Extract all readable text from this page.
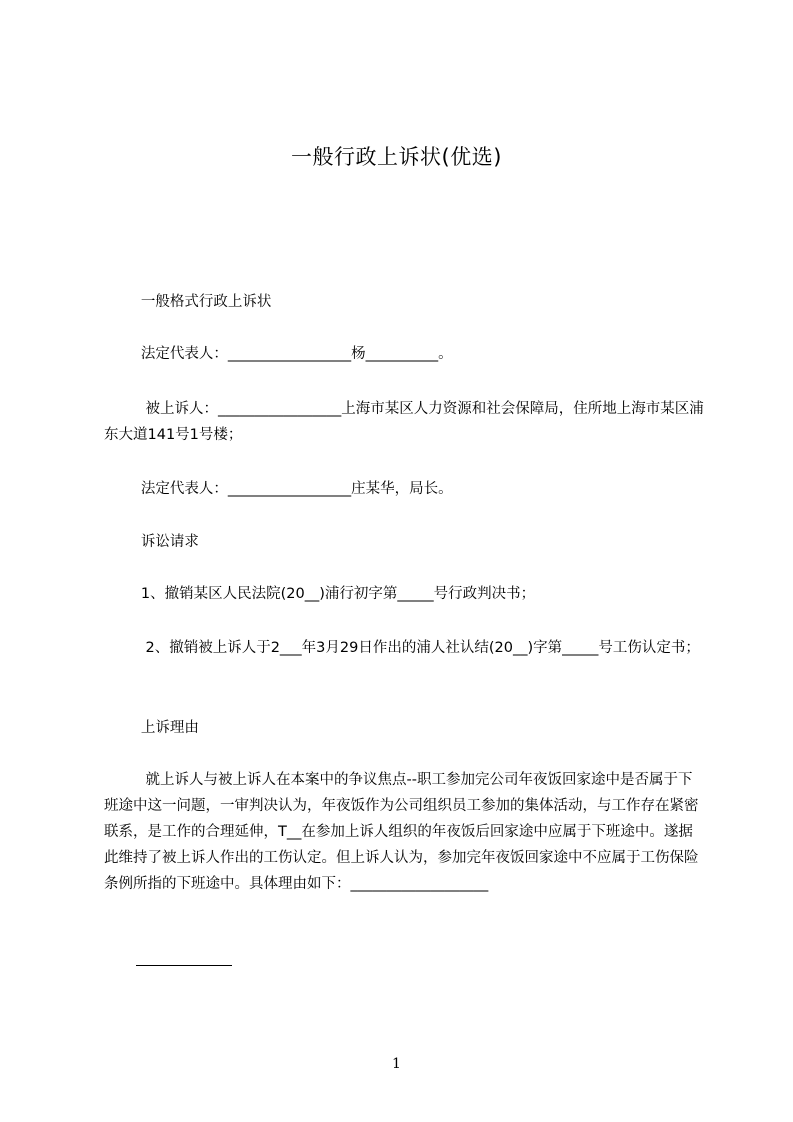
一般行政上诉状(优选)
一般格式行政上诉状
法定代表人：_________________杨__________。
被上诉人：_________________上海市某区人力资源和社会保障局，住所地上海市某区浦东大道141号1号楼；
法定代表人：_________________庄某华，局长。
诉讼请求
1、撤销某区人民法院(20__)浦行初字第_____号行政判决书；
2、撤销被上诉人于2___年3月29日作出的浦人社认结(20__)字第_____号工伤认定书；
上诉理由
就上诉人与被上诉人在本案中的争议焦点--职工参加完公司年夜饭回家途中是否属于下班途中这一问题，一审判决认为，年夜饭作为公司组织员工参加的集体活动，与工作存在紧密联系，是工作的合理延伸，T__在参加上诉人组织的年夜饭后回家途中应属于下班途中。遂据此维持了被上诉人作出的工伤认定。但上诉人认为，参加完年夜饭回家途中不应属于工伤保险条例所指的下班途中。具体理由如下：___________________
1
